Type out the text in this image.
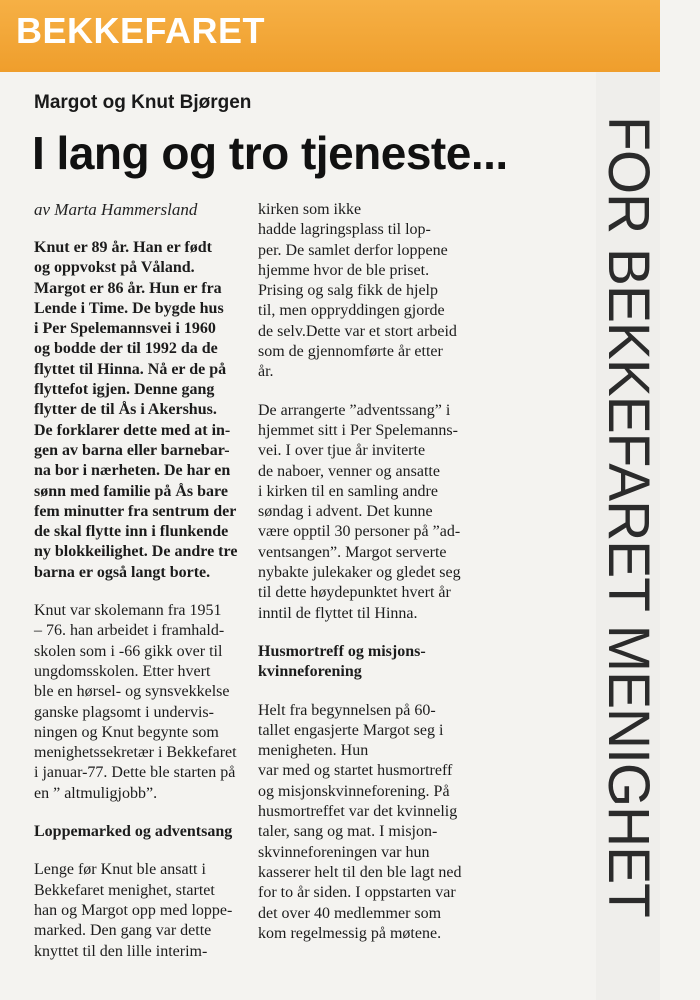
BEKKEFARET
FOR BEKKEFARET MENIGHET
Margot og Knut Bjørgen
I lang og tro tjeneste...
av Marta Hammersland

Knut er 89 år. Han er født
og oppvokst på Våland.
Margot er 86 år. Hun er fra
Lende i Time. De bygde hus
i Per Spelemannsvei i 1960
og bodde der til 1992 da de
flyttet til Hinna. Nå er de på
flyttefot igjen. Denne gang
flytter de til Ås i Akershus.
De forklarer dette med at in-
gen av barna eller barnebar-
na bor i nærheten. De har en
sønn med familie på Ås bare
fem minutter fra sentrum der
de skal flytte inn i flunkende
ny blokkeilighet. De andre tre
barna er også langt borte.

Knut var skolemann fra 1951
– 76. han arbeidet i framhald-
skolen som i -66 gikk over til
ungdomsskolen. Etter hvert
ble en hørsel- og synsvekkelse
ganske plagsomt i undervis-
ningen og Knut begynte som
menighetssekretær i Bekkefaret
i januar-77. Dette ble starten på
en ” altmuligjobb”.

Loppemarked og adventsang

Lenge før Knut ble ansatt i
Bekkefaret menighet, startet
han og Margot opp med loppe-
marked. Den gang var dette
knyttet til den lille interim-

kirken som ikke
hadde lagringsplass til lop-
per. De samlet derfor loppene
hjemme hvor de ble priset.
Prising og salg fikk de hjelp
til, men oppryddingen gjorde
de selv.Dette var et stort arbeid
som de gjennomførte år etter
år.

De arrangerte ”adventssang” i
hjemmet sitt i Per Spelemanns-
vei. I over tjue år inviterte
de naboer, venner og ansatte
i kirken til en samling andre
søndag i advent. Det kunne
være opptil 30 personer på ”ad-
ventsangen”. Margot serverte
nybakte julekaker og gledet seg
til dette høydepunktet hvert år
inntil de flyttet til Hinna.

Husmortreff og misjons-
kvinneforening

Helt fra begynnelsen på 60-
tallet engasjerte Margot seg i
menigheten. Hun
var med og startet husmortreff
og misjonskvinneforening. På
husmortreffet var det kvinnelig
taler, sang og mat. I misjon-
skvinneforeningen var hun
kasserer helt til den ble lagt ned
for to år siden. I oppstarten var
det over 40 medlemmer som
kom regelmessig på møtene.
